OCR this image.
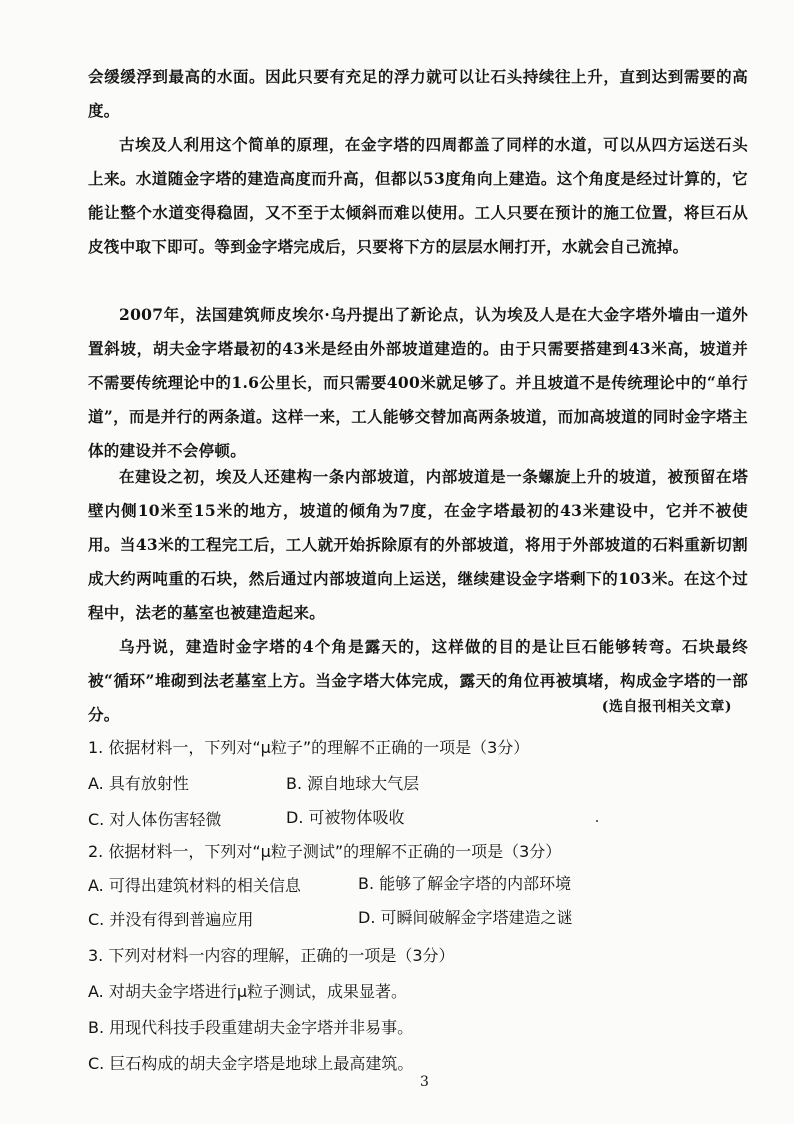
会缓缓浮到最高的水面。因此只要有充足的浮力就可以让石头持续往上升，直到达到需要的高度。
古埃及人利用这个简单的原理，在金字塔的四周都盖了同样的水道，可以从四方运送石头上来。水道随金字塔的建造高度而升高，但都以53度角向上建造。这个角度是经过计算的，它能让整个水道变得稳固，又不至于太倾斜而难以使用。工人只要在预计的施工位置，将巨石从皮筏中取下即可。等到金字塔完成后，只要将下方的层层水闸打开，水就会自己流掉。
2007年，法国建筑师皮埃尔·乌丹提出了新论点，认为埃及人是在大金字塔外墙由一道外置斜坡，胡夫金字塔最初的43米是经由外部坡道建造的。由于只需要搭建到43米高，坡道并不需要传统理论中的1.6公里长，而只需要400米就足够了。并且坡道不是传统理论中的“单行道”，而是并行的两条道。这样一来，工人能够交替加高两条坡道，而加高坡道的同时金字塔主体的建设并不会停顿。
在建设之初，埃及人还建构一条内部坡道，内部坡道是一条螺旋上升的坡道，被预留在塔壁内侧10米至15米的地方，坡道的倾角为7度，在金字塔最初的43米建设中，它并不被使用。当43米的工程完工后，工人就开始拆除原有的外部坡道，将用于外部坡道的石料重新切割成大约两吨重的石块，然后通过内部坡道向上运送，继续建设金字塔剩下的103米。在这个过程中，法老的墓室也被建造起来。
乌丹说，建造时金字塔的4个角是露天的，这样做的目的是让巨石能够转弯。石块最终被“循环”堆砌到法老墓室上方。当金字塔大体完成，露天的角位再被填堵，构成金字塔的一部分。	(选自报刊相关文章)
1. 依据材料一，下列对“μ粒子”的理解不正确的一项是（3分）
A. 具有放射性	B. 源自地球大气层
C. 对人体伤害轻微	D. 可被物体吸收
2. 依据材料一，下列对“μ粒子测试”的理解不正确的一项是（3分）
A. 可得出建筑材料的相关信息	B. 能够了解金字塔的内部环境
C. 并没有得到普遍应用	D. 可瞬间破解金字塔建造之谜
3. 下列对材料一内容的理解，正确的一项是（3分）
A. 对胡夫金字塔进行μ粒子测试，成果显著。
B. 用现代科技手段重建胡夫金字塔并非易事。
C. 巨石构成的胡夫金字塔是地球上最高建筑。
3
